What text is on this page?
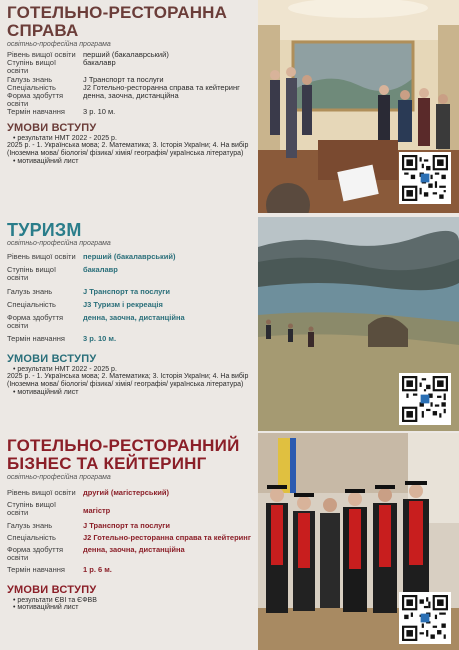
ГОТЕЛЬНО-РЕСТОРАННА
СПРАВА
освітньо-професійна програма
Рівень вищої освіти	перший (бакалаврський)
Ступінь вищої освіти	бакалавр
Галузь знань	J Транспорт та послуги
Спеціальність	J2 Готельно-ресторанна справа та кейтеринг
Форма здобуття освіти	денна, заочна, дистанційна
Термін навчання	3 р. 10 м.
УМОВИ ВСТУПУ
• результати НМТ 2022 - 2025 р.
2025 р. - 1. Українська мова; 2. Математика; 3. Історія України; 4. На вибір (Іноземна мова/ біологія/ фізика/ хімія/ географія/ українська література)
• мотиваційний лист
ТУРИЗМ
освітньо-професійна програма
Рівень вищої освіти	перший (бакалаврський)
Ступінь вищої освіти	бакалавр
Галузь знань	J Транспорт та послуги
Спеціальність	J3 Туризм і рекреація
Форма здобуття освіти	денна, заочна, дистанційна
Термін навчання	3 р. 10 м.
УМОВИ ВСТУПУ
• результати НМТ 2022 - 2025 р.
2025 р. - 1. Українська мова; 2. Математика; 3. Історія України; 4. На вибір (Іноземна мова/ біологія/ фізика/ хімія/ географія/ українська література)
• мотиваційний лист
ГОТЕЛЬНО-РЕСТОРАННИЙ
БІЗНЕС ТА КЕЙТЕРИНГ
освітньо-професійна програма
Рівень вищої освіти	другий (магістерський)
Ступінь вищої освіти	магістр
Галузь знань	J Транспорт та послуги
Спеціальність	J2 Готельно-ресторанна справа та кейтеринг
Форма здобуття освіти	денна, заочна, дистанційна
Термін навчання	1 р. 6 м.
УМОВИ ВСТУПУ
• результати ЄВІ та ЄФВВ
• мотиваційний лист
